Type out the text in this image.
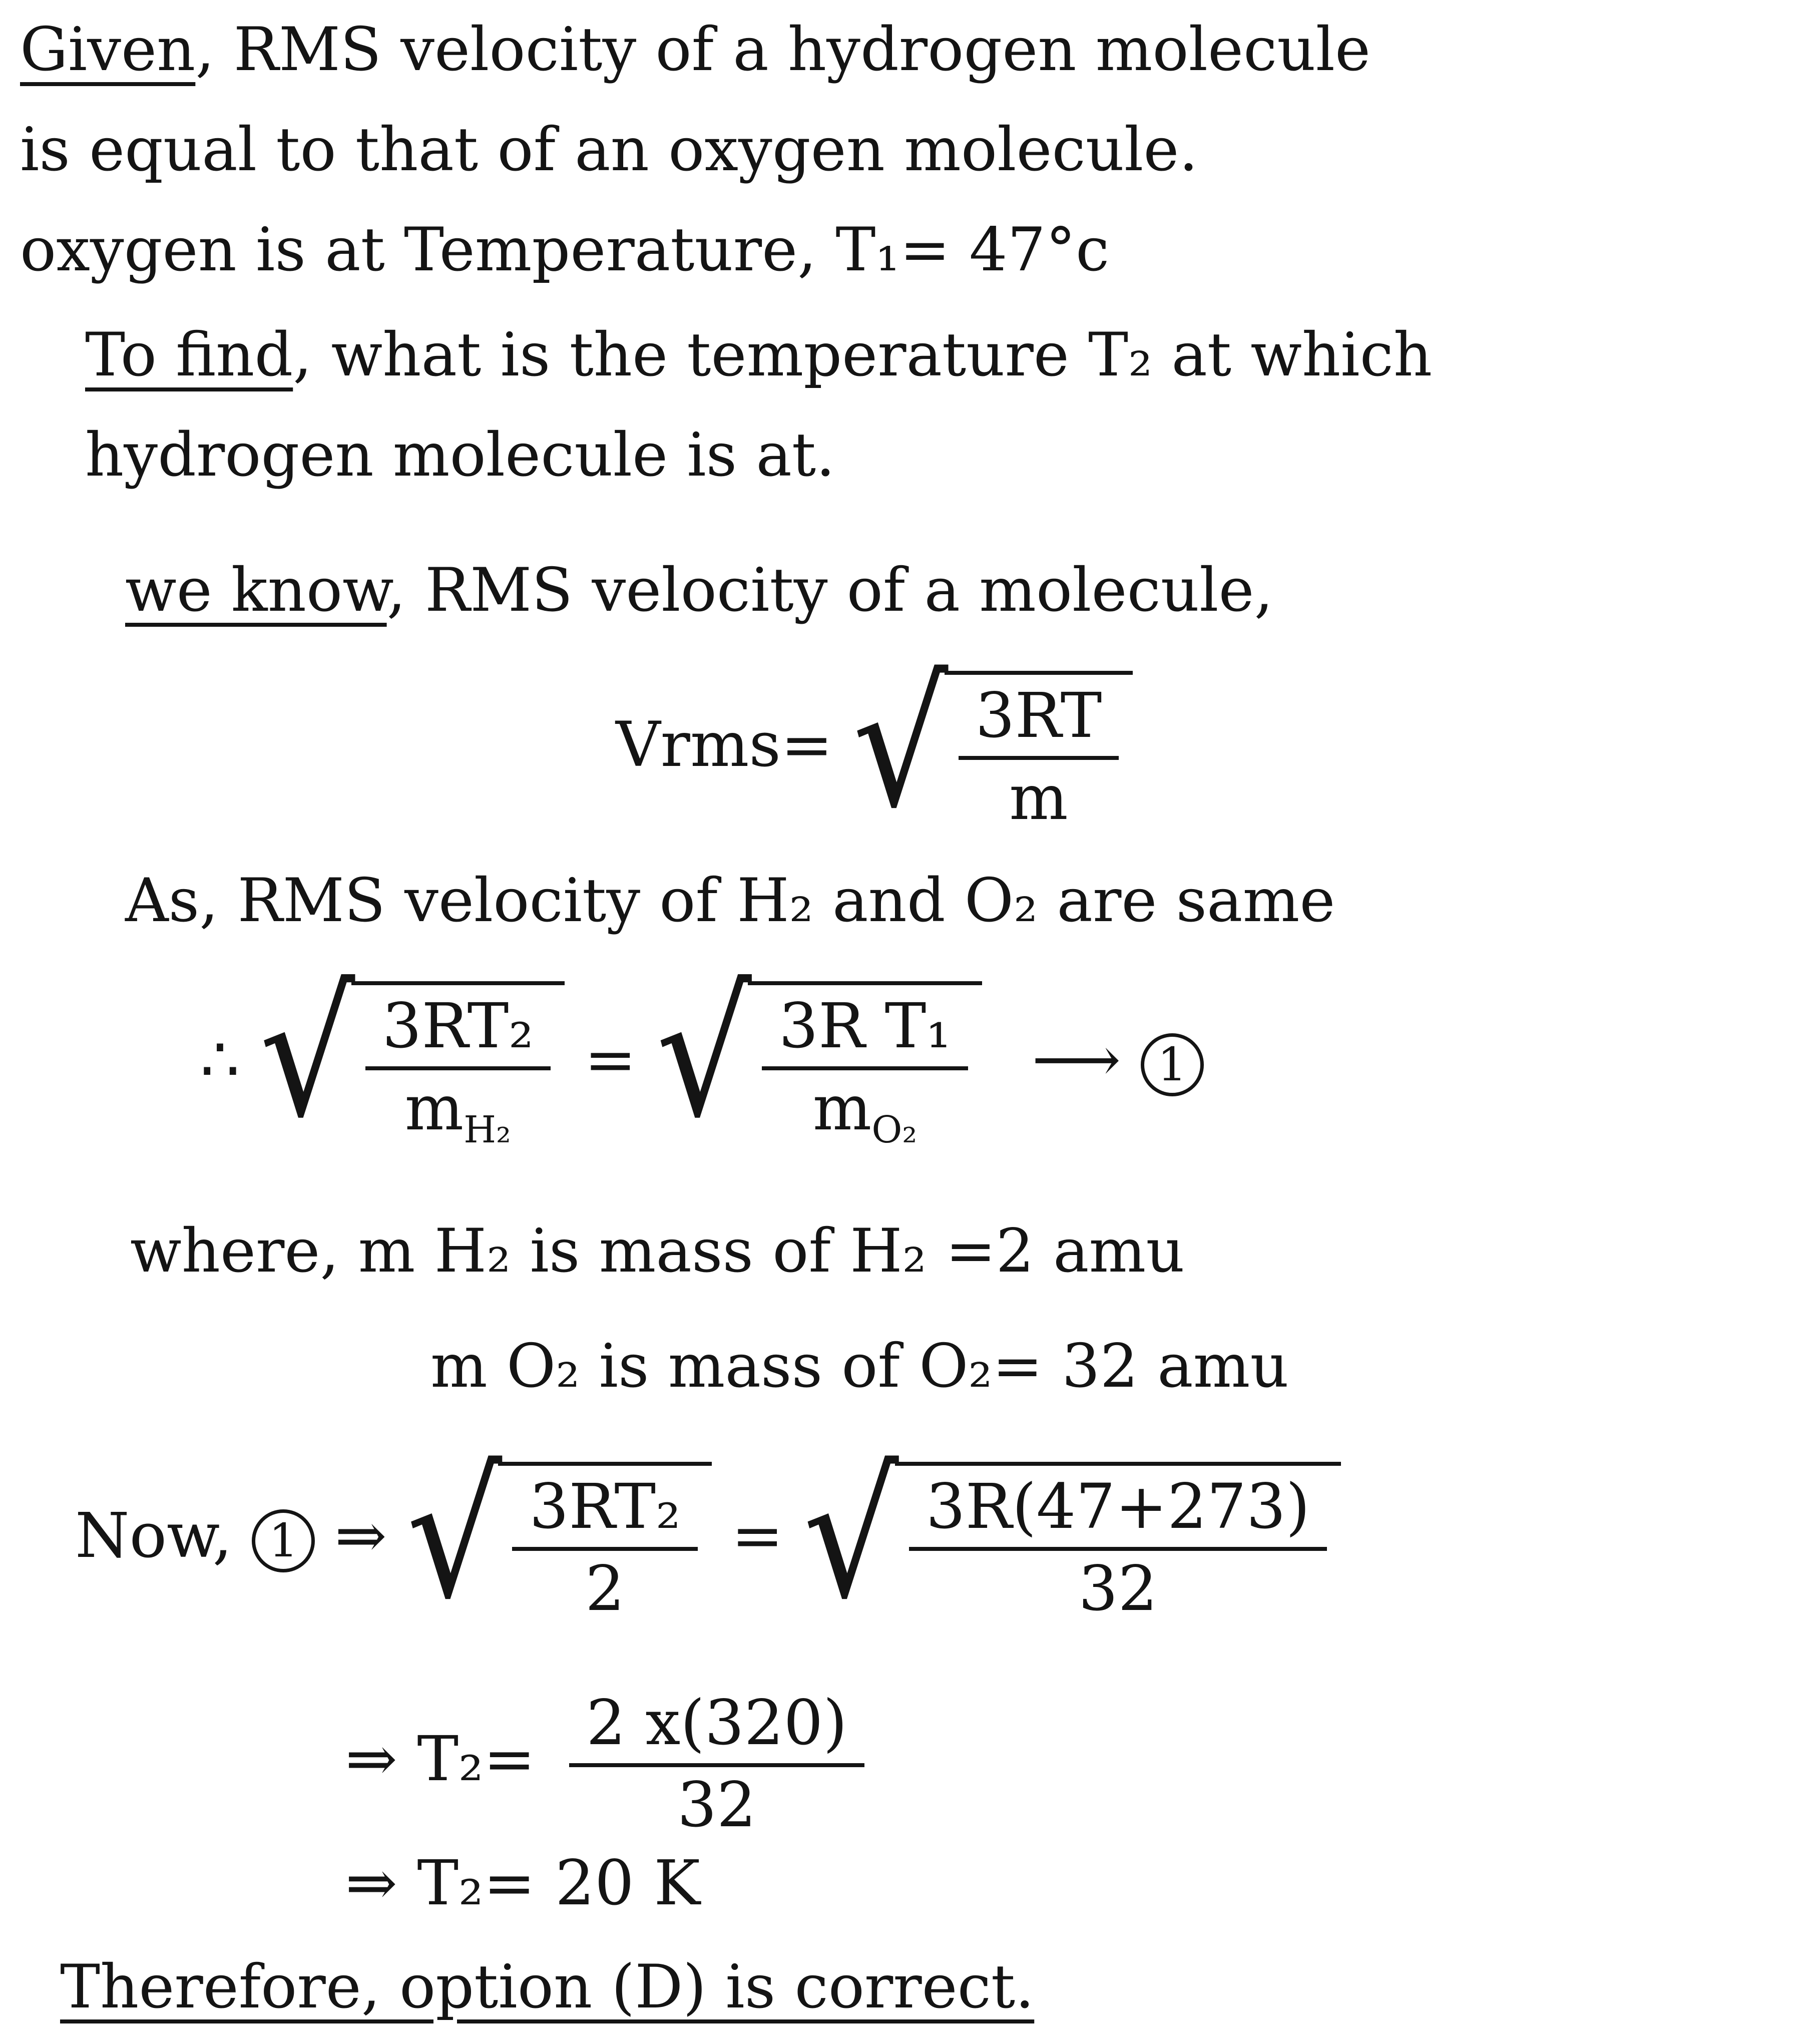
Given, RMS velocity of a hydrogen molecule
is equal to that of an oxygen molecule.
oxygen is at Temperature, T₁= 47°c
To find, what is the temperature T₂ at which
hydrogen molecule is at.
we know, RMS velocity of a molecule,
Vrms= √ $\frac{3RT}{m}$
As, RMS velocity of H₂ and O₂ are same
∴ √ $\frac{\text{3RT₂}}{m_{H_2}}$ = √ $\frac{\text{3R T₁}}{m_{O_2}}$ ⟶ 1
where, m H₂ is mass of H₂ =2 amu
m O₂ is mass of O₂= 32 amu
Now, 1 ⇒ √ $\frac{\text{3RT₂}}{2}$ = √ $\frac{3R(47+273)}{32}$
⇒ $T_2= \frac{2 x(320)}{32}$
⇒ T₂= 20 K
Therefore, option (D) is correct.
